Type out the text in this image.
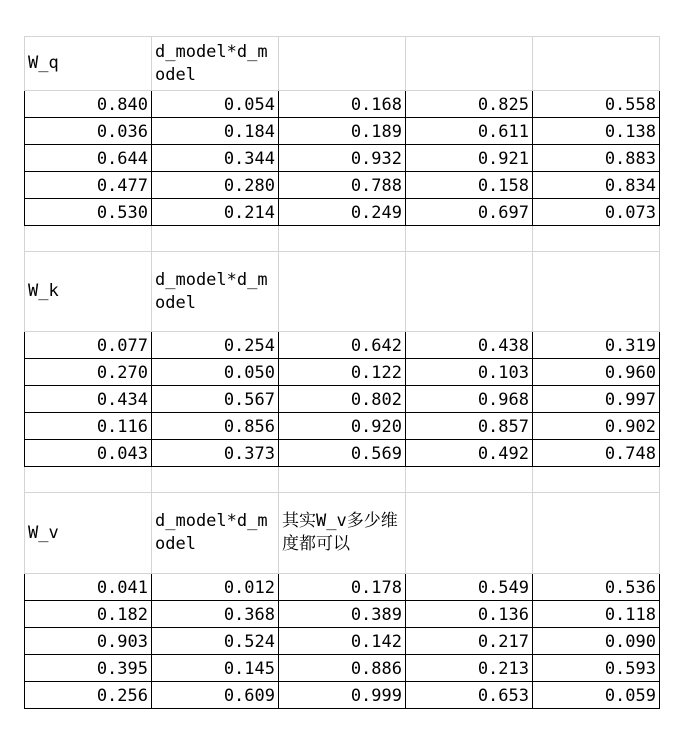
W_q	d_model*d_model			
0.840	0.054	0.168	0.825	0.558
0.036	0.184	0.189	0.611	0.138
0.644	0.344	0.932	0.921	0.883
0.477	0.280	0.788	0.158	0.834
0.530	0.214	0.249	0.697	0.073

W_k	d_model*d_model			
0.077	0.254	0.642	0.438	0.319
0.270	0.050	0.122	0.103	0.960
0.434	0.567	0.802	0.968	0.997
0.116	0.856	0.920	0.857	0.902
0.043	0.373	0.569	0.492	0.748

W_v	d_model*d_model	其实W_v多少维度都可以		
0.041	0.012	0.178	0.549	0.536
0.182	0.368	0.389	0.136	0.118
0.903	0.524	0.142	0.217	0.090
0.395	0.145	0.886	0.213	0.593
0.256	0.609	0.999	0.653	0.059
